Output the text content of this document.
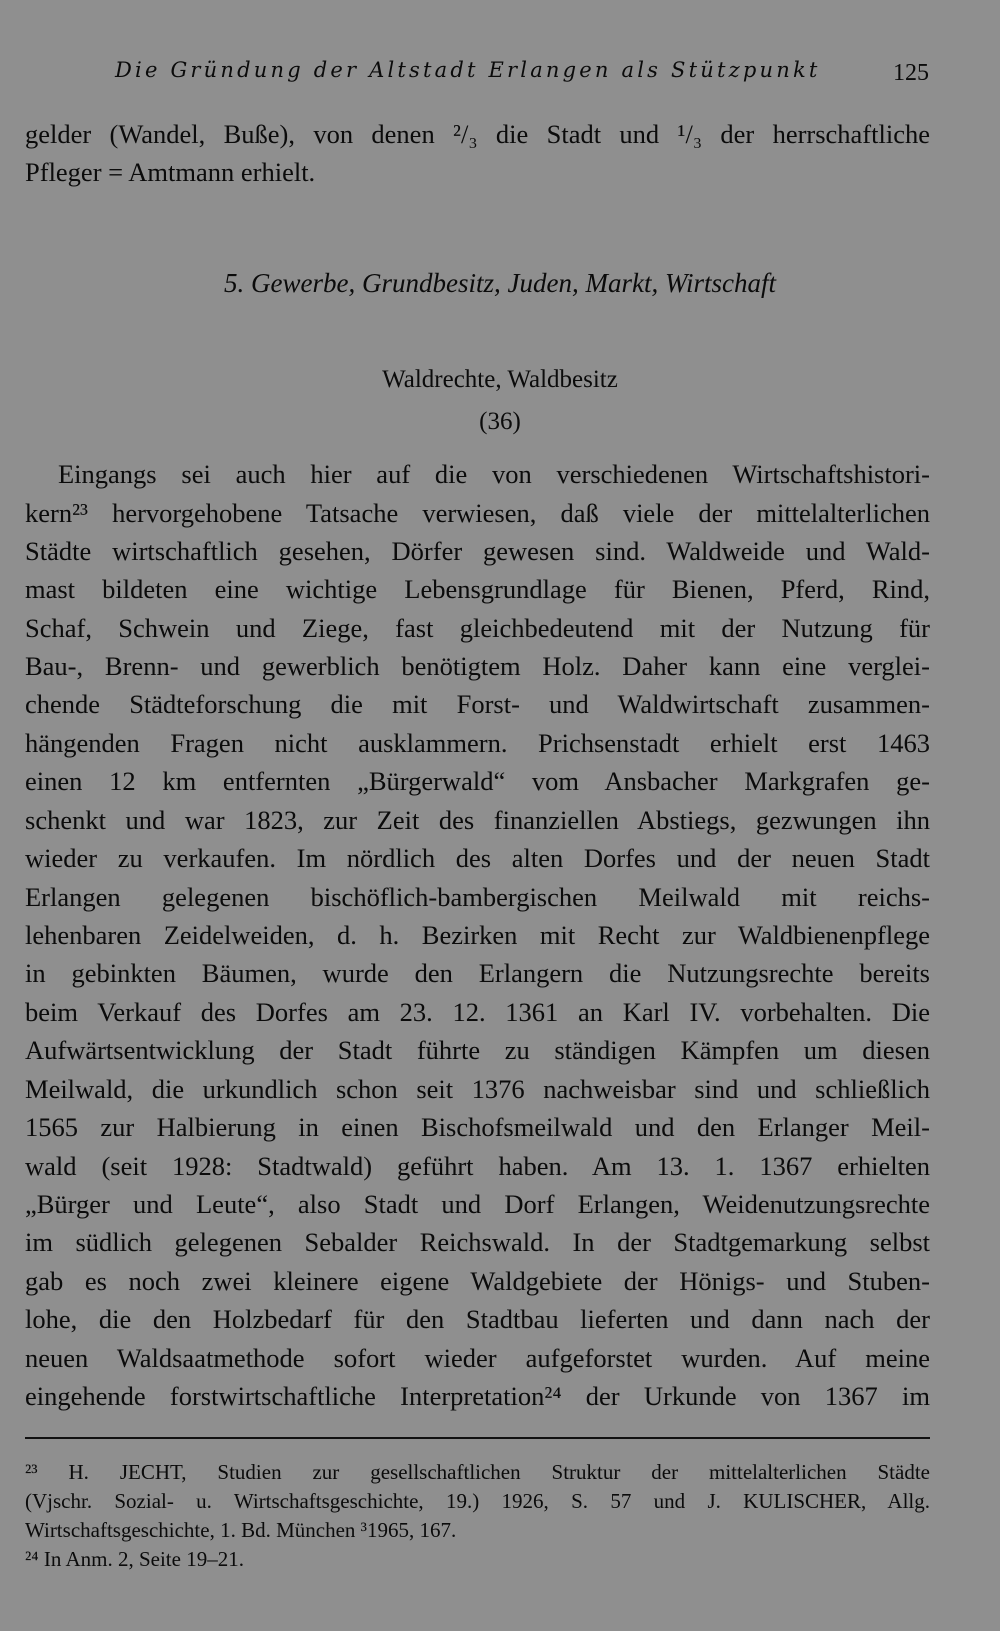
Die Gründung der Altstadt Erlangen als Stützpunkt	125
gelder (Wandel, Buße), von denen ²/₃ die Stadt und ¹/₃ der herrschaftliche
Pfleger = Amtmann erhielt.
5. Gewerbe, Grundbesitz, Juden, Markt, Wirtschaft
Waldrechte, Waldbesitz
(36)
Eingangs sei auch hier auf die von verschiedenen Wirtschaftshistori-
kern²³ hervorgehobene Tatsache verwiesen, daß viele der mittelalterlichen
Städte wirtschaftlich gesehen, Dörfer gewesen sind. Waldweide und Wald-
mast bildeten eine wichtige Lebensgrundlage für Bienen, Pferd, Rind,
Schaf, Schwein und Ziege, fast gleichbedeutend mit der Nutzung für
Bau-, Brenn- und gewerblich benötigtem Holz. Daher kann eine verglei-
chende Städteforschung die mit Forst- und Waldwirtschaft zusammen-
hängenden Fragen nicht ausklammern. Prichsenstadt erhielt erst 1463
einen 12 km entfernten „Bürgerwald“ vom Ansbacher Markgrafen ge-
schenkt und war 1823, zur Zeit des finanziellen Abstiegs, gezwungen ihn
wieder zu verkaufen. Im nördlich des alten Dorfes und der neuen Stadt
Erlangen gelegenen bischöflich-bambergischen Meilwald mit reichs-
lehenbaren Zeidelweiden, d. h. Bezirken mit Recht zur Waldbienenpflege
in gebinkten Bäumen, wurde den Erlangern die Nutzungsrechte bereits
beim Verkauf des Dorfes am 23. 12. 1361 an Karl IV. vorbehalten. Die
Aufwärtsentwicklung der Stadt führte zu ständigen Kämpfen um diesen
Meilwald, die urkundlich schon seit 1376 nachweisbar sind und schließlich
1565 zur Halbierung in einen Bischofsmeilwald und den Erlanger Meil-
wald (seit 1928: Stadtwald) geführt haben. Am 13. 1. 1367 erhielten
„Bürger und Leute“, also Stadt und Dorf Erlangen, Weidenutzungsrechte
im südlich gelegenen Sebalder Reichswald. In der Stadtgemarkung selbst
gab es noch zwei kleinere eigene Waldgebiete der Hönigs- und Stuben-
lohe, die den Holzbedarf für den Stadtbau lieferten und dann nach der
neuen Waldsaatmethode sofort wieder aufgeforstet wurden. Auf meine
eingehende forstwirtschaftliche Interpretation²⁴ der Urkunde von 1367 im
²³ H. JECHT, Studien zur gesellschaftlichen Struktur der mittelalterlichen Städte
(Vjschr. Sozial- u. Wirtschaftsgeschichte, 19.) 1926, S. 57 und J. KULISCHER, Allg.
Wirtschaftsgeschichte, 1. Bd. München ³1965, 167.
²⁴ In Anm. 2, Seite 19–21.
